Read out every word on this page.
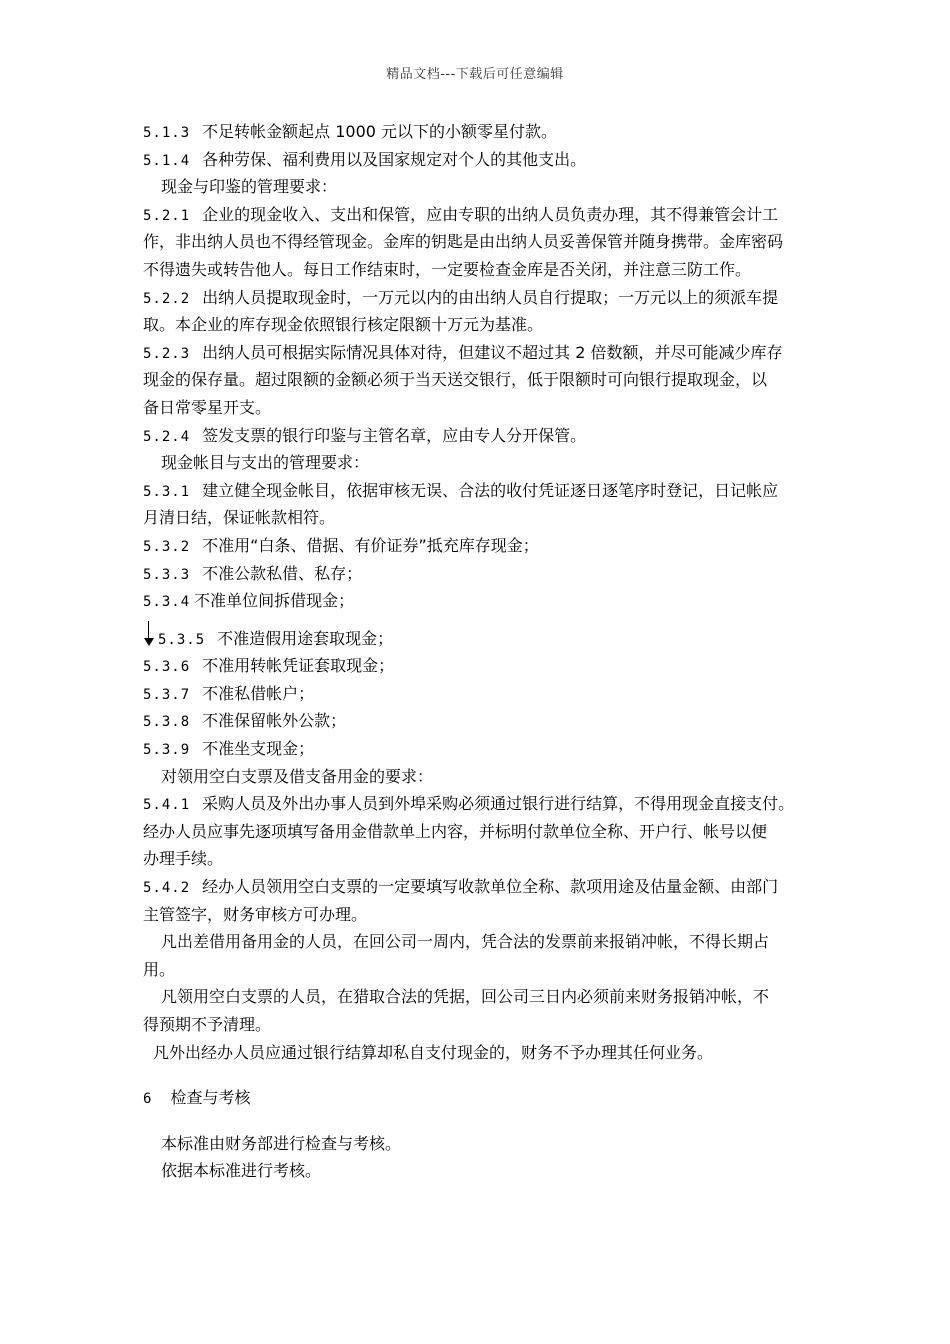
精品文档---下载后可任意编辑
5.1.3 不足转帐金额起点 1000 元以下的小额零星付款。
5.1.4 各种劳保、福利费用以及国家规定对个人的其他支出。
现金与印鉴的管理要求：
5.2.1 企业的现金收入、支出和保管，应由专职的出纳人员负责办理，其不得兼管会计工
作，非出纳人员也不得经管现金。金库的钥匙是由出纳人员妥善保管并随身携带。金库密码
不得遗失或转告他人。每日工作结束时，一定要检查金库是否关闭，并注意三防工作。
5.2.2 出纳人员提取现金时，一万元以内的由出纳人员自行提取；一万元以上的须派车提
取。本企业的库存现金依照银行核定限额十万元为基准。
5.2.3 出纳人员可根据实际情况具体对待，但建议不超过其 2 倍数额，并尽可能减少库存
现金的保存量。超过限额的金额必须于当天送交银行，低于限额时可向银行提取现金，以
备日常零星开支。
5.2.4 签发支票的银行印鉴与主管名章，应由专人分开保管。
现金帐目与支出的管理要求：
5.3.1 建立健全现金帐目，依据审核无误、合法的收付凭证逐日逐笔序时登记，日记帐应
月清日结，保证帐款相符。
5.3.2 不准用“白条、借据、有价证券”抵充库存现金；
5.3.3 不准公款私借、私存；
5.3.4 不准单位间拆借现金；
5.3.5 不准造假用途套取现金；
5.3.6 不准用转帐凭证套取现金；
5.3.7 不准私借帐户；
5.3.8 不准保留帐外公款；
5.3.9 不准坐支现金；
对领用空白支票及借支备用金的要求：
5.4.1 采购人员及外出办事人员到外埠采购必须通过银行进行结算，不得用现金直接支付。
经办人员应事先逐项填写备用金借款单上内容，并标明付款单位全称、开户行、帐号以便
办理手续。
5.4.2 经办人员领用空白支票的一定要填写收款单位全称、款项用途及估量金额、由部门
主管签字，财务审核方可办理。
凡出差借用备用金的人员，在回公司一周内，凭合法的发票前来报销冲帐，不得长期占
用。
凡领用空白支票的人员，在猎取合法的凭据，回公司三日内必须前来财务报销冲帐，不
得预期不予清理。
凡外出经办人员应通过银行结算却私自支付现金的，财务不予办理其任何业务。
6 检查与考核
本标准由财务部进行检查与考核。
依据本标准进行考核。
